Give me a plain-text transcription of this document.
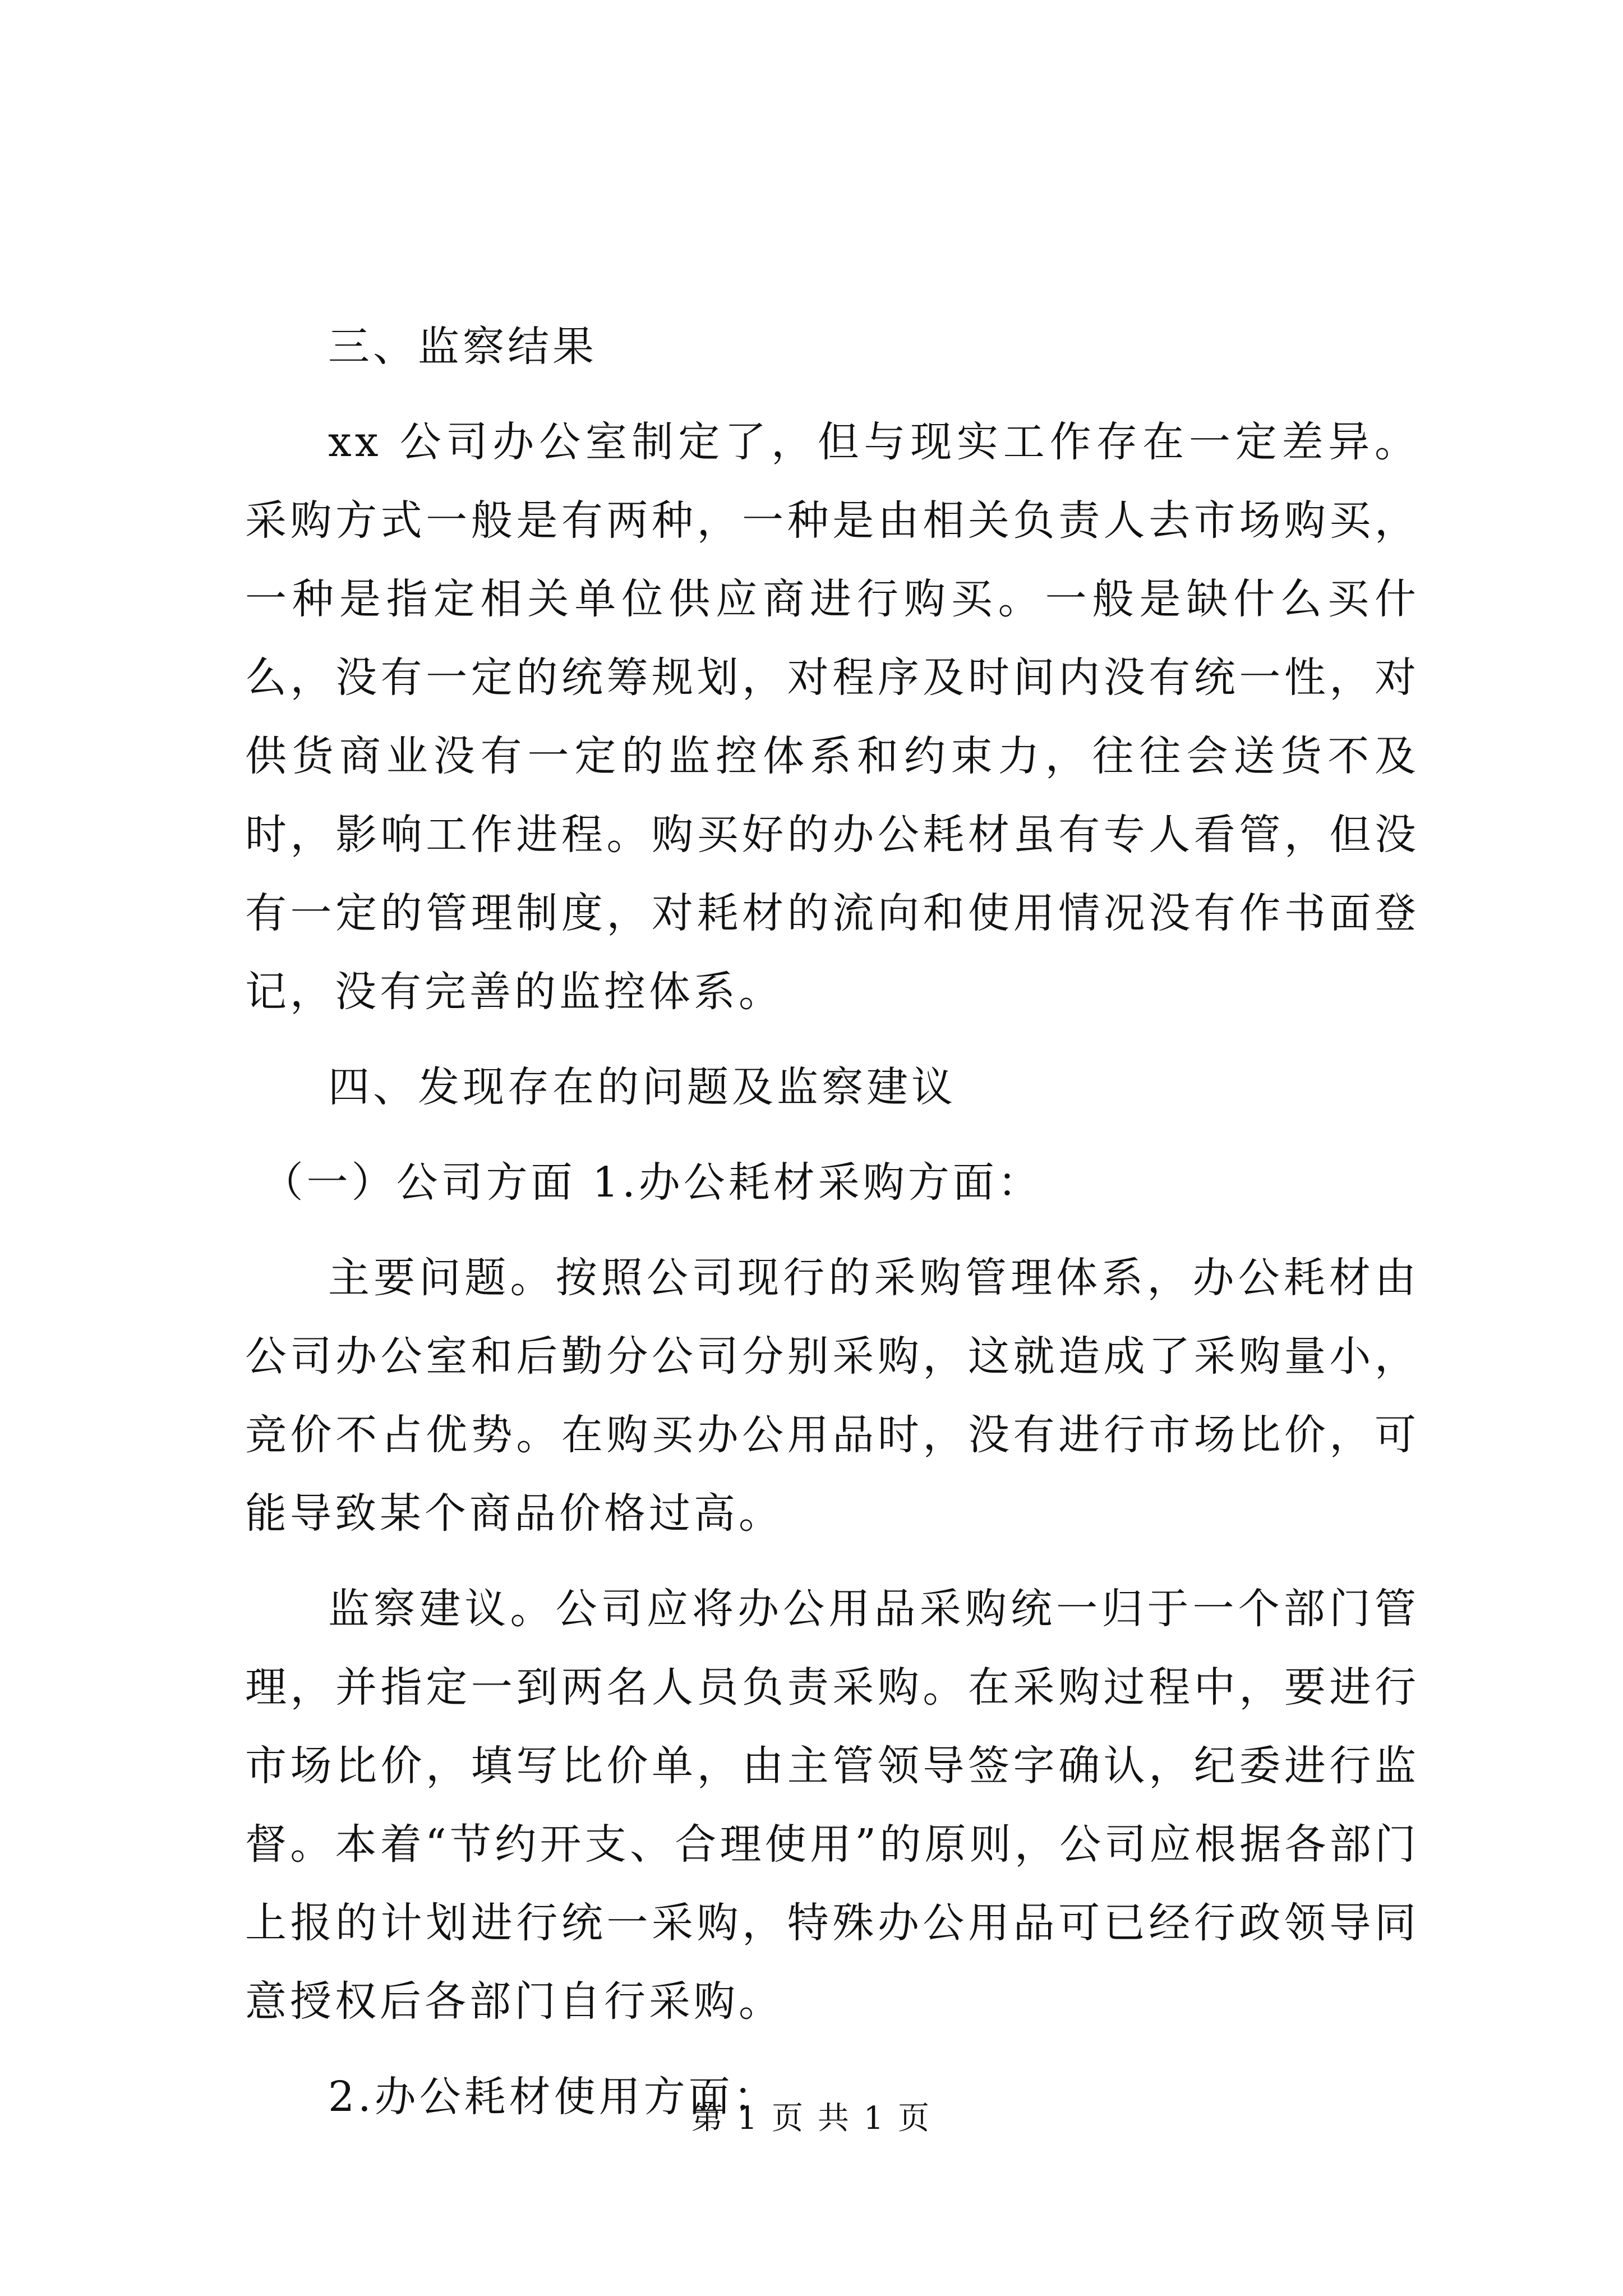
三、监察结果

xx 公司办公室制定了，但与现实工作存在一定差异。采购方式一般是有两种，一种是由相关负责人去市场购买，一种是指定相关单位供应商进行购买。一般是缺什么买什么，没有一定的统筹规划，对程序及时间内没有统一性，对供货商业没有一定的监控体系和约束力，往往会送货不及时，影响工作进程。购买好的办公耗材虽有专人看管，但没有一定的管理制度，对耗材的流向和使用情况没有作书面登记，没有完善的监控体系。

四、发现存在的问题及监察建议

（一）公司方面 1.办公耗材采购方面：

主要问题。按照公司现行的采购管理体系，办公耗材由公司办公室和后勤分公司分别采购，这就造成了采购量小，竞价不占优势。在购买办公用品时，没有进行市场比价，可能导致某个商品价格过高。

监察建议。公司应将办公用品采购统一归于一个部门管理，并指定一到两名人员负责采购。在采购过程中，要进行市场比价，填写比价单，由主管领导签字确认，纪委进行监督。本着“节约开支、合理使用”的原则，公司应根据各部门上报的计划进行统一采购，特殊办公用品可已经行政领导同意授权后各部门自行采购。

2.办公耗材使用方面：

第 1 页 共 1 页
